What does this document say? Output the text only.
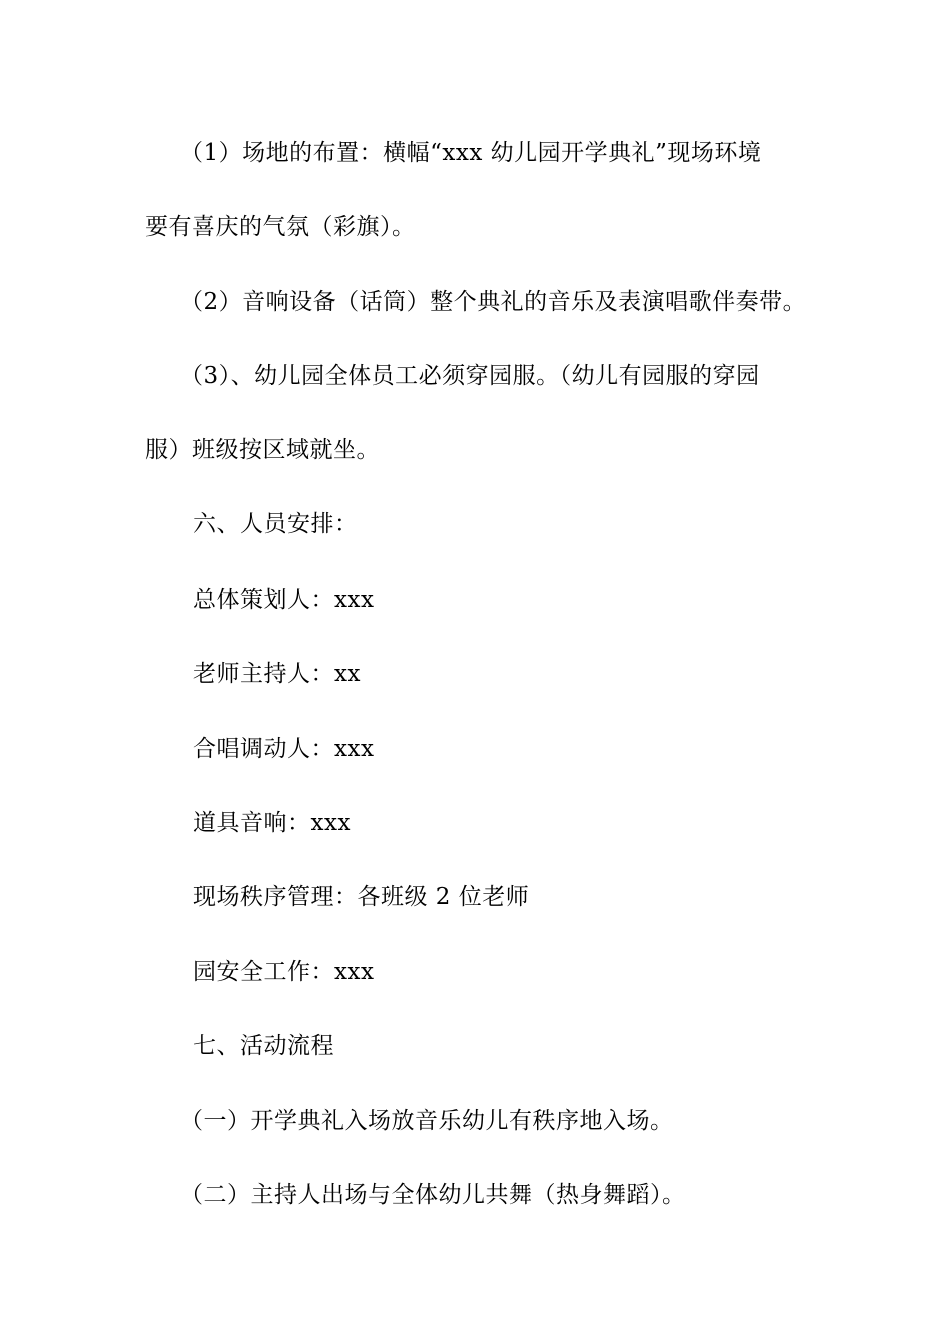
（1）场地的布置：横幅“xxx 幼儿园开学典礼”现场环境
要有喜庆的气氛（彩旗）。
（2）音响设备（话筒）整个典礼的音乐及表演唱歌伴奏带。
（3）、幼儿园全体员工必须穿园服。（幼儿有园服的穿园
服）班级按区域就坐。
六、人员安排：
总体策划人：xxx
老师主持人：xx
合唱调动人：xxx
道具音响：xxx
现场秩序管理：各班级 2 位老师
园安全工作：xxx
七、活动流程
（一）开学典礼入场放音乐幼儿有秩序地入场。
（二）主持人出场与全体幼儿共舞（热身舞蹈）。
